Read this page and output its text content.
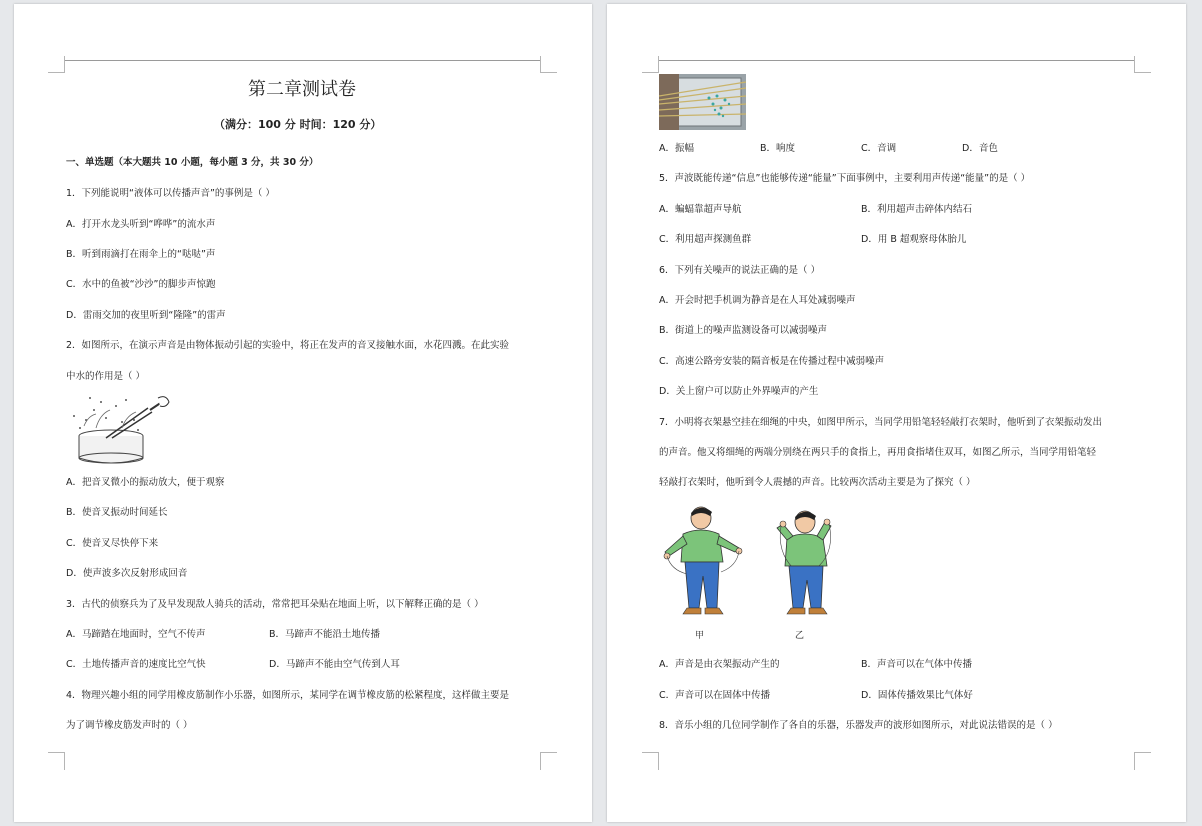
第二章测试卷
（满分：100 分 时间：120 分）
一、单选题（本大题共 10 小题，每小题 3 分，共 30 分）
1．下列能说明“液体可以传播声音”的事例是（ ）
A．打开水龙头听到“哗哗”的流水声
B．听到雨滴打在雨伞上的“哒哒”声
C．水中的鱼被“沙沙”的脚步声惊跑
D．雷雨交加的夜里听到“隆隆”的雷声
2．如图所示，在演示声音是由物体振动引起的实验中，将正在发声的音叉接触水面，水花四溅。在此实验
中水的作用是（ ）
A．把音叉微小的振动放大，便于观察
B．使音叉振动时间延长
C．使音叉尽快停下来
D．使声波多次反射形成回音
3．古代的侦察兵为了及早发现敌人骑兵的活动，常常把耳朵贴在地面上听，以下解释正确的是（ ）
A．马蹄踏在地面时，空气不传声	B．马蹄声不能沿土地传播
C．土地传播声音的速度比空气快	D．马蹄声不能由空气传到人耳
4．物理兴趣小组的同学用橡皮筋制作小乐器，如图所示，某同学在调节橡皮筋的松紧程度，这样做主要是
为了调节橡皮筋发声时的（ ）
A．振幅	B．响度	C．音调	D．音色
5．声波既能传递“信息”也能够传递“能量”下面事例中，主要利用声传递“能量”的是（ ）
A．蝙蝠靠超声导航	B．利用超声击碎体内结石
C．利用超声探测鱼群	D．用 B 超观察母体胎儿
6．下列有关噪声的说法正确的是（ ）
A．开会时把手机调为静音是在人耳处减弱噪声
B．街道上的噪声监测设备可以减弱噪声
C．高速公路旁安装的隔音板是在传播过程中减弱噪声
D．关上窗户可以防止外界噪声的产生
7．小明将衣架悬空挂在细绳的中央，如图甲所示，当同学用铅笔轻轻敲打衣架时，他听到了衣架振动发出
的声音。他又将细绳的两端分别绕在两只手的食指上，再用食指堵住双耳，如图乙所示，当同学用铅笔轻
轻敲打衣架时，他听到令人震撼的声音。比较两次活动主要是为了探究（ ）
甲	乙
A．声音是由衣架振动产生的	B．声音可以在气体中传播
C．声音可以在固体中传播	D．固体传播效果比气体好
8．音乐小组的几位同学制作了各自的乐器，乐器发声的波形如图所示，对此说法错误的是（ ）
